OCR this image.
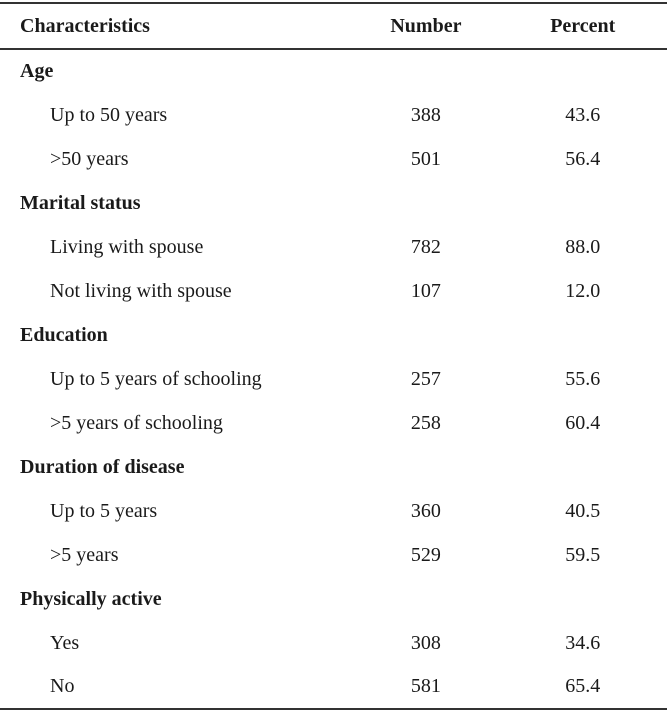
Characteristics	Number	Percent
Age		
Up to 50 years	388	43.6
>50 years	501	56.4
Marital status		
Living with spouse	782	88.0
Not living with spouse	107	12.0
Education		
Up to 5 years of schooling	257	55.6
>5 years of schooling	258	60.4
Duration of disease		
Up to 5 years	360	40.5
>5 years	529	59.5
Physically active		
Yes	308	34.6
No	581	65.4
